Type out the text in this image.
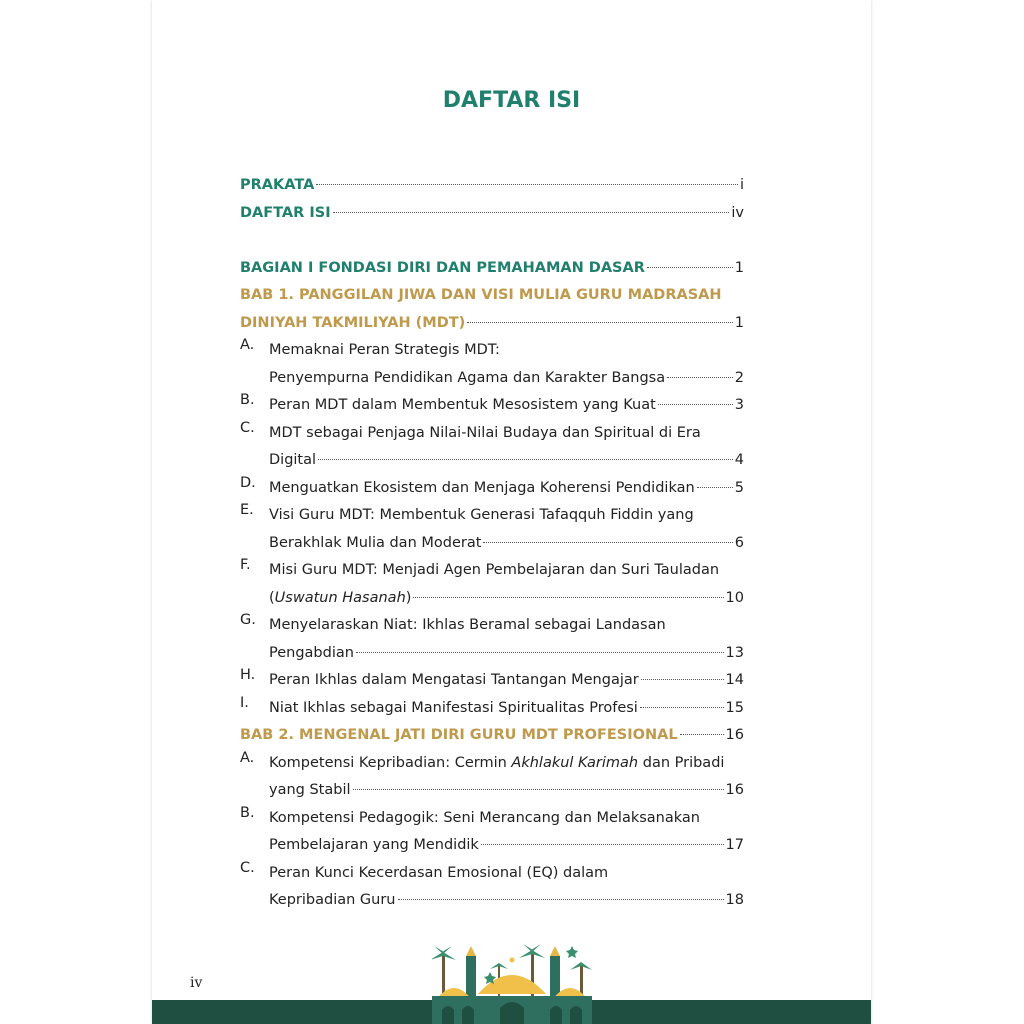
DAFTAR ISI
PRAKATA	i
DAFTAR ISI	iv
BAGIAN I FONDASI DIRI DAN PEMAHAMAN DASAR	1
BAB 1. PANGGILAN JIWA DAN VISI MULIA GURU MADRASAH
DINIYAH TAKMILIYAH (MDT)	1
A.	Memaknai Peran Strategis MDT:
Penyempurna Pendidikan Agama dan Karakter Bangsa	2
B. Peran MDT dalam Membentuk Mesosistem yang Kuat	3
C. MDT sebagai Penjaga Nilai-Nilai Budaya dan Spiritual di Era
Digital	4
D. Menguatkan Ekosistem dan Menjaga Koherensi Pendidikan	5
E.	Visi Guru MDT: Membentuk Generasi Tafaqquh Fiddin yang
Berakhlak Mulia dan Moderat	6
F.	Misi Guru MDT: Menjadi Agen Pembelajaran dan Suri Tauladan
(Uswatun Hasanah)	10
G. Menyelaraskan Niat: Ikhlas Beramal sebagai Landasan
Pengabdian	13
H. Peran Ikhlas dalam Mengatasi Tantangan Mengajar	14
I.	Niat Ikhlas sebagai Manifestasi Spiritualitas Profesi	15
BAB 2. MENGENAL JATI DIRI GURU MDT PROFESIONAL	16
A.	Kompetensi Kepribadian: Cermin Akhlakul Karimah dan Pribadi
yang Stabil	16
B. Kompetensi Pedagogik: Seni Merancang dan Melaksanakan
Pembelajaran yang Mendidik	17
C. Peran Kunci Kecerdasan Emosional (EQ) dalam
Kepribadian Guru	18
iv
